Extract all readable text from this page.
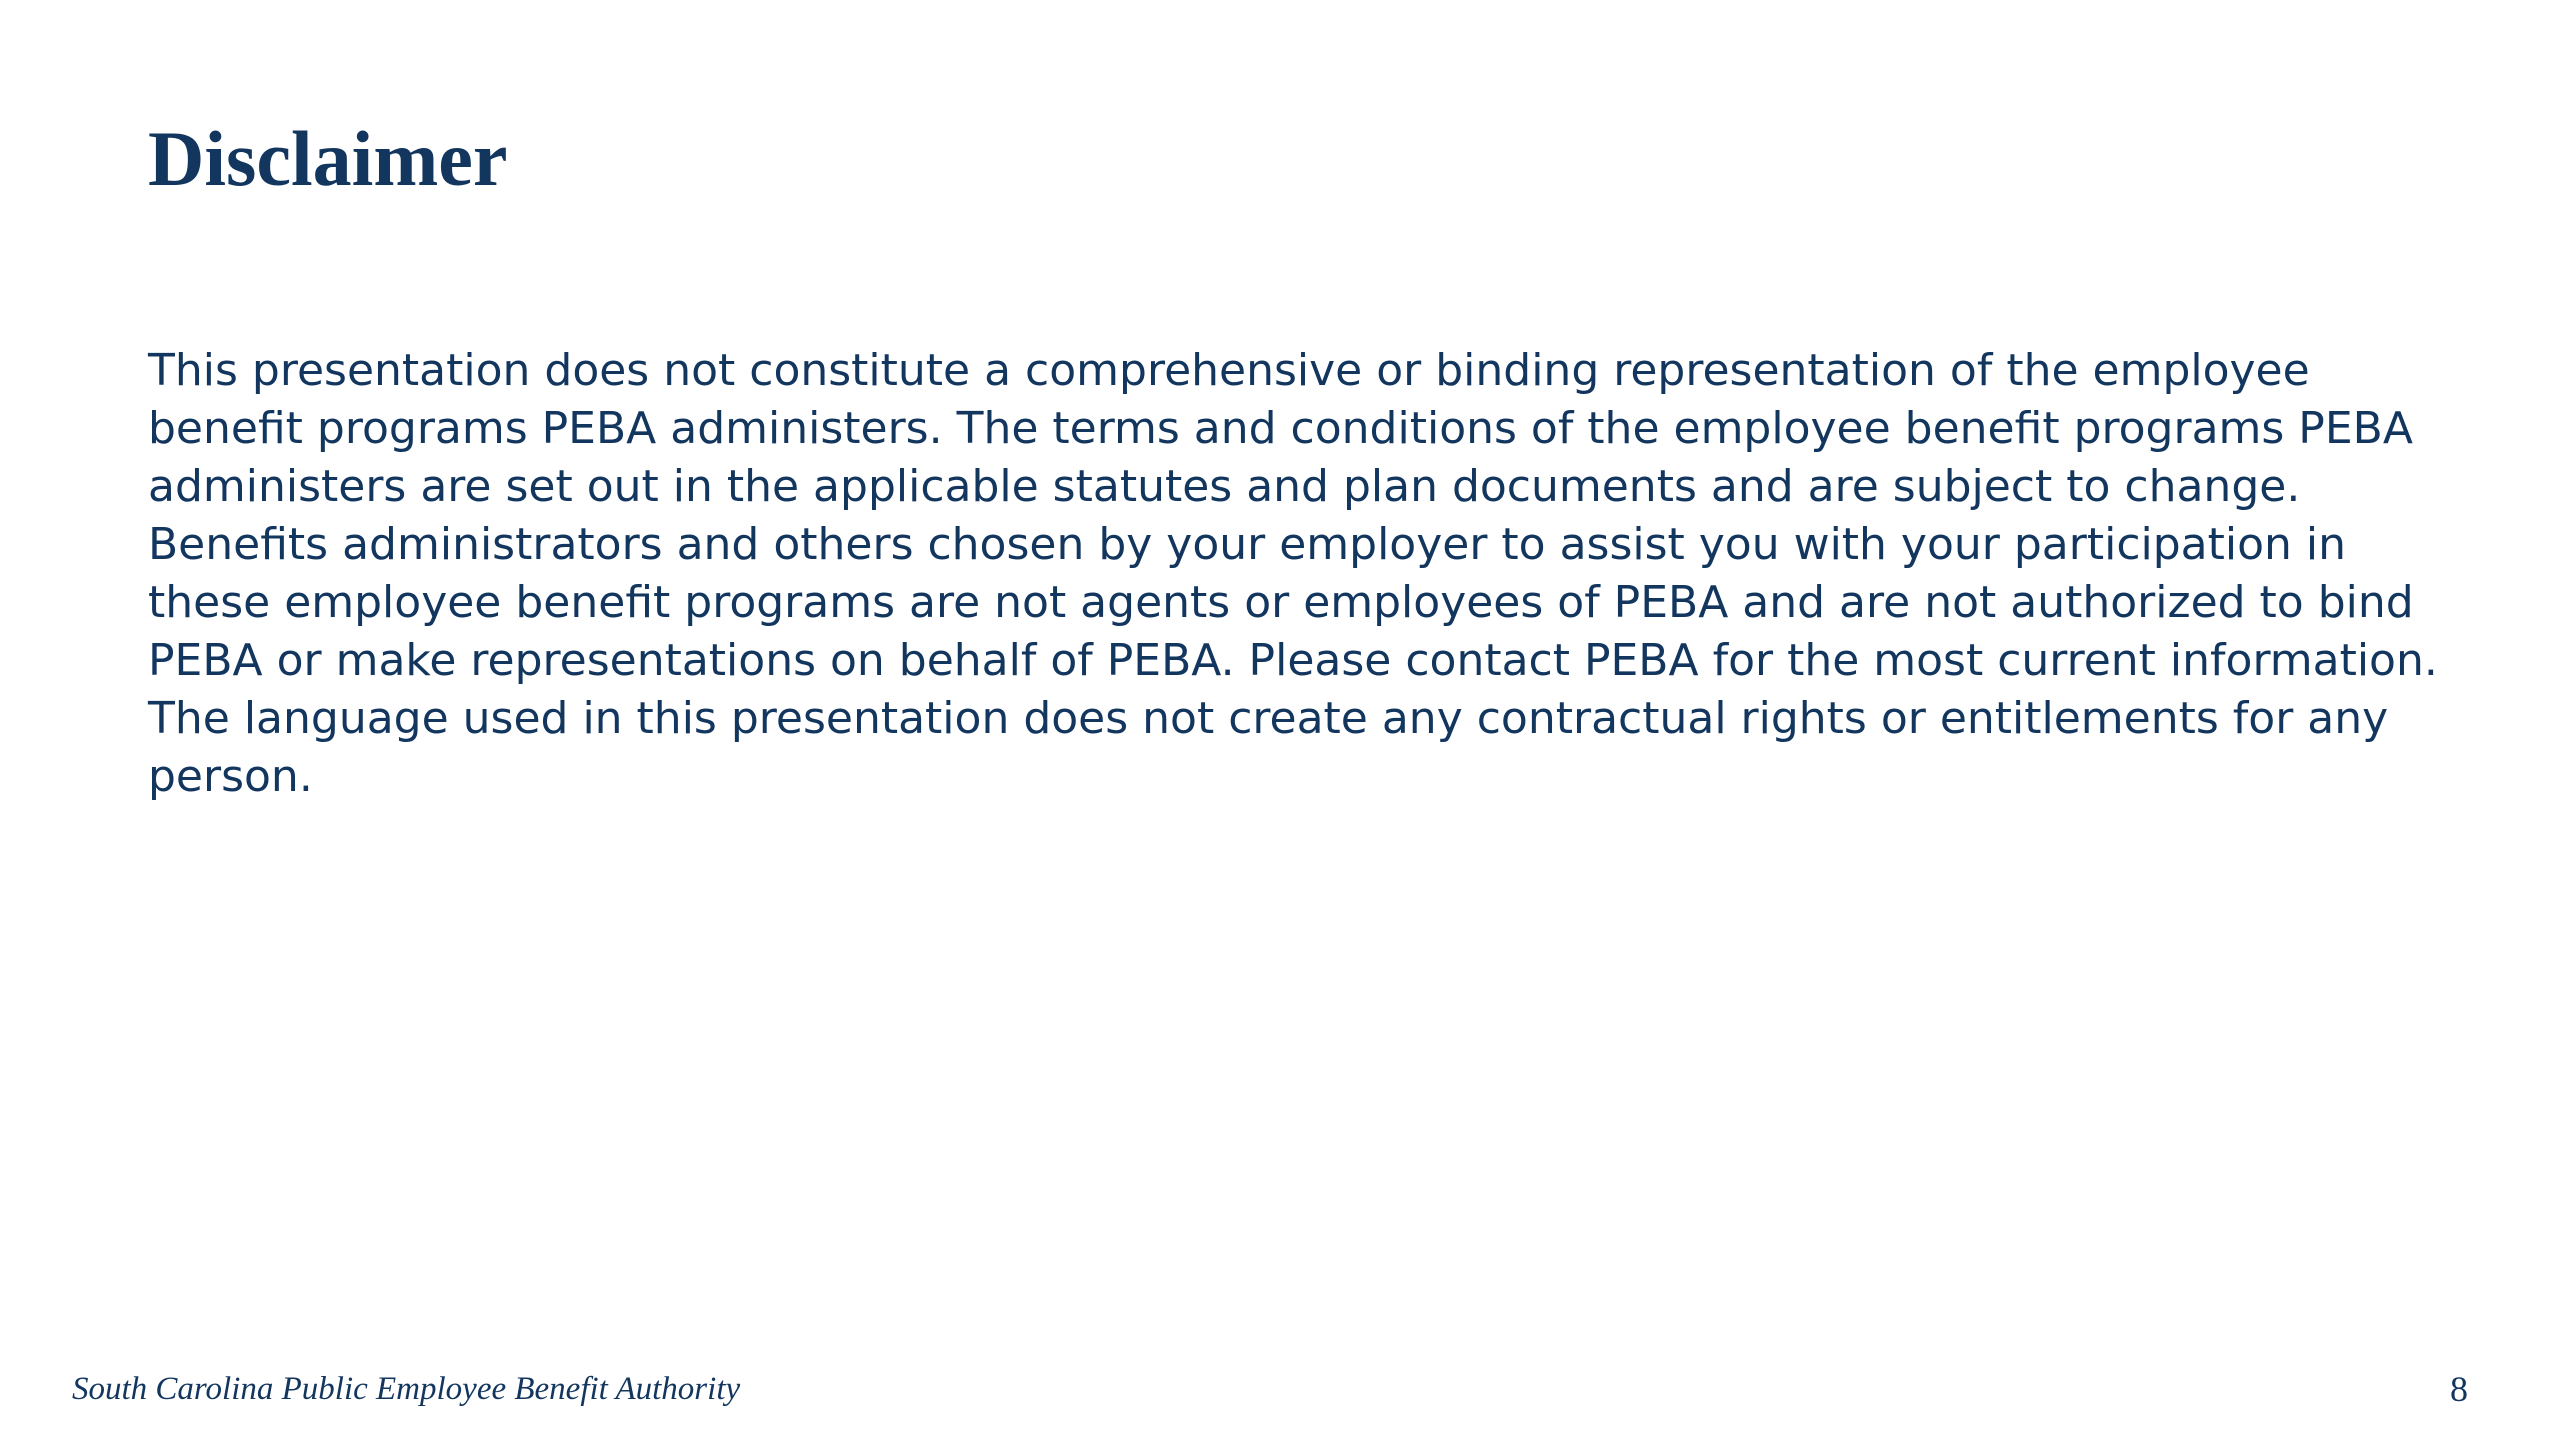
Disclaimer

This presentation does not constitute a comprehensive or binding representation of the employee benefit programs PEBA administers. The terms and conditions of the employee benefit programs PEBA administers are set out in the applicable statutes and plan documents and are subject to change. Benefits administrators and others chosen by your employer to assist you with your participation in these employee benefit programs are not agents or employees of PEBA and are not authorized to bind PEBA or make representations on behalf of PEBA. Please contact PEBA for the most current information. The language used in this presentation does not create any contractual rights or entitlements for any person.

South Carolina Public Employee Benefit Authority	8
